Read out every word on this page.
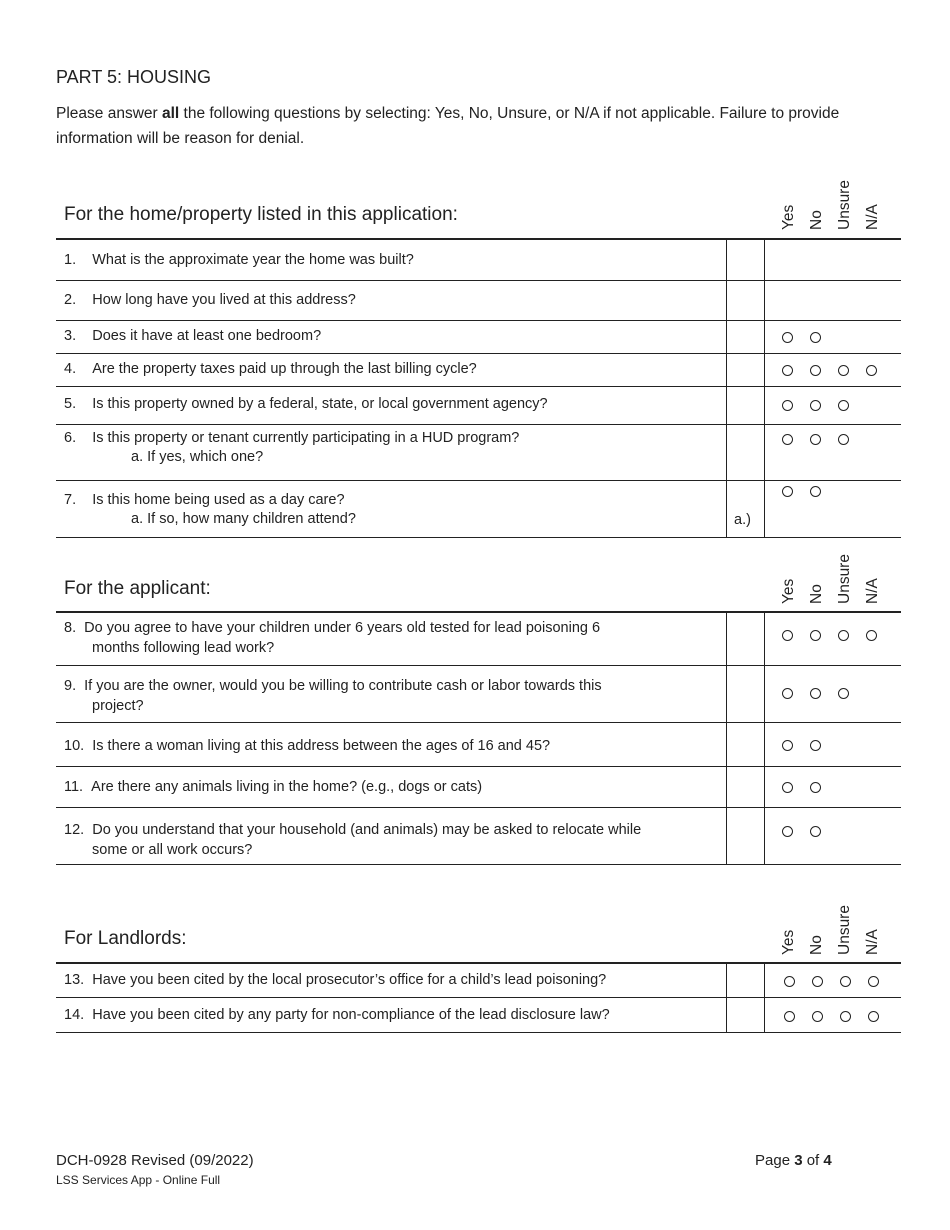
PART 5: HOUSING
Please answer all the following questions by selecting: Yes, No, Unsure, or N/A if not applicable. Failure to provide information will be reason for denial.
For the home/property listed in this application:	Yes No Unsure N/A
1. What is the approximate year the home was built?
2. How long have you lived at this address?
3. Does it have at least one bedroom?
4. Are the property taxes paid up through the last billing cycle?
5. Is this property owned by a federal, state, or local government agency?
6. Is this property or tenant currently participating in a HUD program?
a. If yes, which one?
7. Is this home being used as a day care?
a. If so, how many children attend?	a.)
For the applicant:	Yes No Unsure N/A
8. Do you agree to have your children under 6 years old tested for lead poisoning 6
months following lead work?
9. If you are the owner, would you be willing to contribute cash or labor towards this
project?
10. Is there a woman living at this address between the ages of 16 and 45?
11. Are there any animals living in the home? (e.g., dogs or cats)
12. Do you understand that your household (and animals) may be asked to relocate while
some or all work occurs?
For Landlords:	Yes No Unsure N/A
13. Have you been cited by the local prosecutor’s office for a child’s lead poisoning?
14. Have you been cited by any party for non-compliance of the lead disclosure law?
DCH-0928 Revised (09/2022)
LSS Services App - Online Full
Page 3 of 4
